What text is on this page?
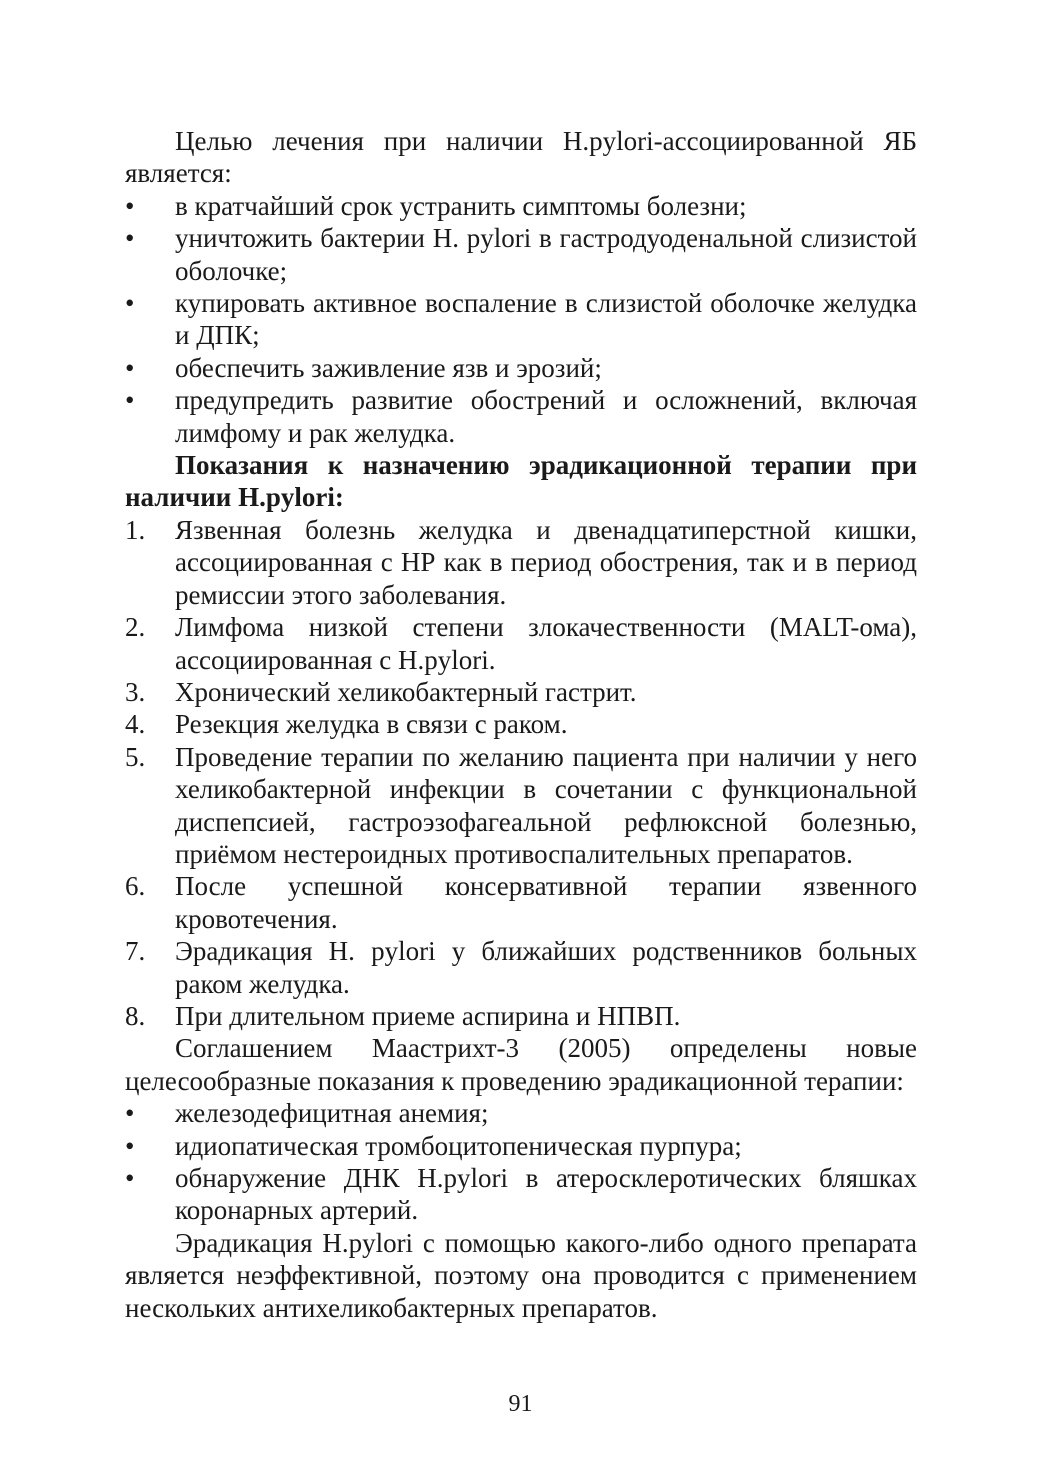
Целью лечения при наличии H.pylori-ассоциированной ЯБ является:

• в кратчайший срок устранить симптомы болезни;
• уничтожить бактерии H. pylori в гастродуоденальной слизистой оболочке;
• купировать активное воспаление в слизистой оболочке желудка и ДПК;
• обеспечить заживление язв и эрозий;
• предупредить развитие обострений и осложнений, включая лимфому и рак желудка.

Показания к назначению эрадикационной терапии при наличии H.pylori:

1. Язвенная болезнь желудка и двенадцатиперстной кишки, ассоциированная с НР как в период обострения, так и в период ремиссии этого заболевания.
2. Лимфома низкой степени злокачественности (MALT-ома), ассоциированная с H.pylori.
3. Хронический хеликобактерный гастрит.
4. Резекция желудка в связи с раком.
5. Проведение терапии по желанию пациента при наличии у него хеликобактерной инфекции в сочетании с функциональной диспепсией, гастроэзофагеальной рефлюксной болезнью, приёмом нестероидных противоспалительных препаратов.
6. После успешной консервативной терапии язвенного кровотечения.
7. Эрадикация H. pylori у ближайших родственников больных раком желудка.
8. При длительном приеме аспирина и НПВП.

Соглашением Маастрихт-3 (2005) определены новые целесообразные показания к проведению эрадикационной терапии:

• железодефицитная анемия;
• идиопатическая тромбоцитопеническая пурпура;
• обнаружение ДНК H.pylori в атеросклеротических бляшках коронарных артерий.

Эрадикация H.pylori с помощью какого-либо одного препарата является неэффективной, поэтому она проводится с применением нескольких антихеликобактерных препаратов.

91
